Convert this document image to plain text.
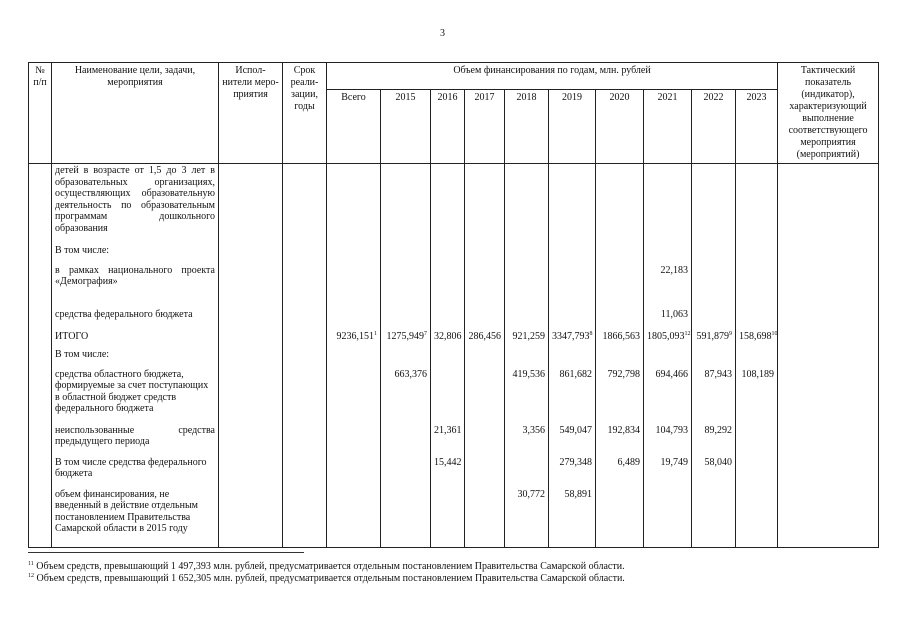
3
№
п/п	Наименование цели, задачи, мероприятия	Испол-нители меро-приятия	Срок реали-зации, годы	Объем финансирования по годам, млн. рублей										Тактический показатель (индикатор), характеризующий выполнение соответствующего мероприятия (мероприятий)
				Всего	2015	2016	2017	2018	2019	2020	2021	2022	2023	
	детей в возрасте от 1,5 до 3 лет в образовательных организациях, осуществляющих образовательную деятельность по образовательным программам дошкольного образования													
	В том числе:													
	в рамках национального проекта «Демография»										22,183			
	средства федерального бюджета										11,063			
	ИТОГО			9236,151$^1$	1275,949$^7$	32,806	286,456	921,259	3347,793$^8$	1866,563	1805,093$^{12}$	591,879$^9$	158,698$^{10}$	
	В том числе:													
	средства областного бюджета, формируемые за счет поступающих в областной бюджет средств федерального бюджета				663,376			419,536	861,682	792,798	694,466	87,943	108,189	
	неиспользованные средства предыдущего периода					21,361		3,356	549,047	192,834	104,793	89,292		
	В том числе средства федерального бюджета					15,442			279,348	6,489	19,749	58,040		
	объем финансирования, не введенный в действие отдельным постановлением Правительства Самарской области в 2015 году							30,772	58,891					
$^{11}$ Объем средств, превышающий 1 497,393 млн. рублей, предусматривается отдельным постановлением Правительства Самарской области.
$^{12}$ Объем средств, превышающий 1 652,305 млн. рублей, предусматривается отдельным постановлением Правительства Самарской области.
